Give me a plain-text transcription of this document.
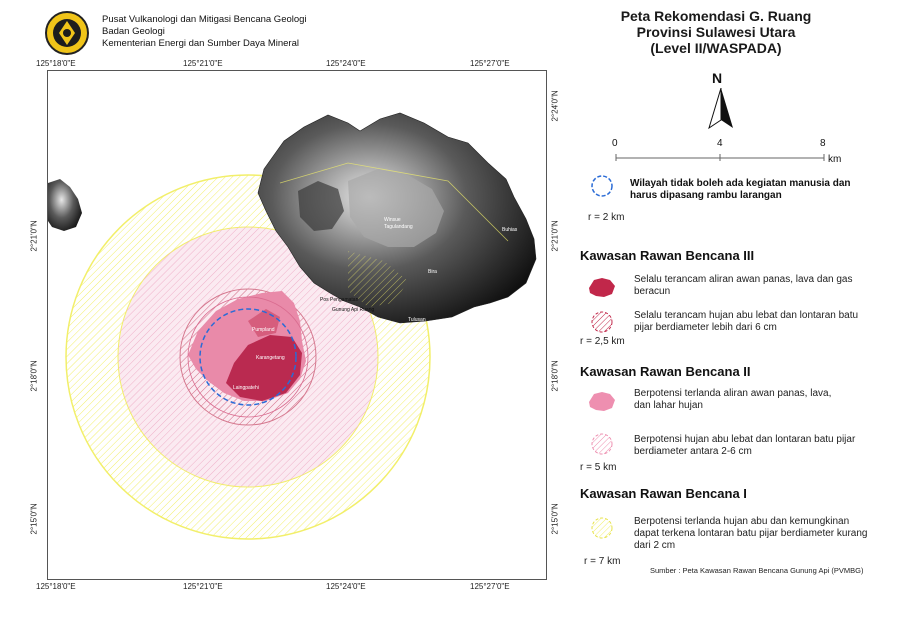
Pusat Vulkanologi dan Mitigasi Bencana Geologi
Badan Geologi
Kementerian Energi dan Sumber Daya Mineral
Peta Rekomendasi G. Ruang
Provinsi Sulawesi Utara
(Level II/WASPADA)
125°18'0"E	125°21'0"E	125°24'0"E	125°27'0"E
125°18'0"E	125°21'0"E	125°24'0"E	125°27'0"E
2°21'0"N
2°18'0"N
2°15'0"N
2°24'0"N
2°21'0"N
2°18'0"N
2°15'0"N
Pumpland
Karangetang
Laingpatehi
Pos Pengamatan
Gunung Api Ruang
Winsue
Tagulandang	Buhias
Bira
Tulusan
N
0	4	8
km
Wilayah tidak boleh ada kegiatan manusia dan harus dipasang rambu larangan
r = 2 km
Kawasan Rawan Bencana III
Selalu terancam aliran awan panas, lava dan gas beracun
Selalu terancam hujan abu lebat dan lontaran batu pijar berdiameter lebih dari 6 cm
r = 2,5 km
Kawasan Rawan Bencana II
Berpotensi terlanda aliran awan panas, lava, dan lahar hujan
Berpotensi hujan abu lebat dan lontaran batu pijar berdiameter antara 2-6 cm
r = 5 km
Kawasan Rawan Bencana I
Berpotensi terlanda hujan abu dan kemungkinan dapat terkena lontaran batu pijar berdiameter kurang dari 2 cm
r = 7 km
Sumber : Peta Kawasan Rawan Bencana Gunung Api (PVMBG)
